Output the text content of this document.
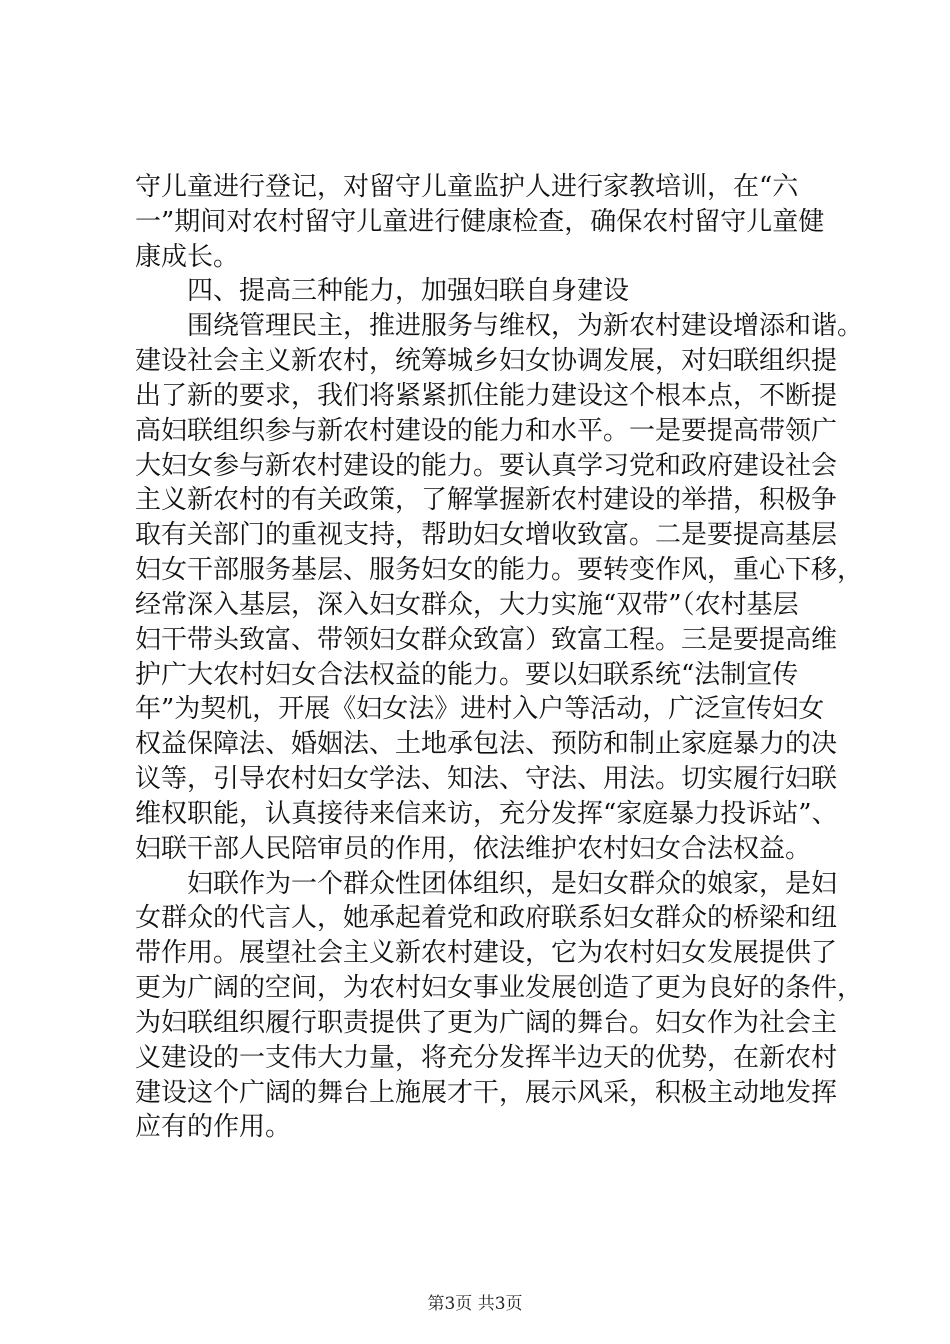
守儿童进行登记，对留守儿童监护人进行家教培训，在“六
一”期间对农村留守儿童进行健康检查，确保农村留守儿童健
康成长。
　　四、提高三种能力，加强妇联自身建设
　　围绕管理民主，推进服务与维权，为新农村建设增添和谐。
建设社会主义新农村，统筹城乡妇女协调发展，对妇联组织提
出了新的要求，我们将紧紧抓住能力建设这个根本点，不断提
高妇联组织参与新农村建设的能力和水平。一是要提高带领广
大妇女参与新农村建设的能力。要认真学习党和政府建设社会
主义新农村的有关政策，了解掌握新农村建设的举措，积极争
取有关部门的重视支持，帮助妇女增收致富。二是要提高基层
妇女干部服务基层、服务妇女的能力。要转变作风，重心下移，
经常深入基层，深入妇女群众，大力实施“双带”（农村基层
妇干带头致富、带领妇女群众致富）致富工程。三是要提高维
护广大农村妇女合法权益的能力。要以妇联系统“法制宣传
年”为契机，开展《妇女法》进村入户等活动，广泛宣传妇女
权益保障法、婚姻法、土地承包法、预防和制止家庭暴力的决
议等，引导农村妇女学法、知法、守法、用法。切实履行妇联
维权职能，认真接待来信来访，充分发挥“家庭暴力投诉站”、
妇联干部人民陪审员的作用，依法维护农村妇女合法权益。
　　妇联作为一个群众性团体组织，是妇女群众的娘家，是妇
女群众的代言人，她承起着党和政府联系妇女群众的桥梁和纽
带作用。展望社会主义新农村建设，它为农村妇女发展提供了
更为广阔的空间，为农村妇女事业发展创造了更为良好的条件，
为妇联组织履行职责提供了更为广阔的舞台。妇女作为社会主
义建设的一支伟大力量，将充分发挥半边天的优势，在新农村
建设这个广阔的舞台上施展才干，展示风采，积极主动地发挥
应有的作用。
第3页 共3页
